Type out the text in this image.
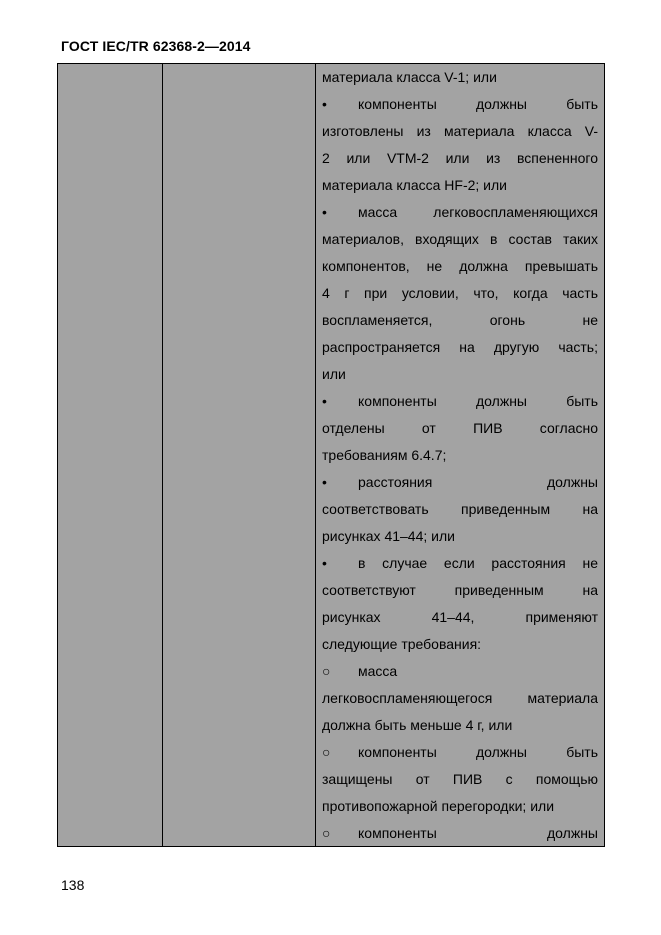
ГОСТ IEC/TR 62368-2—2014
материала класса V-1; или
• компоненты должны быть
изготовлены из материала класса V-
2 или VTM-2 или из вспененного
материала класса HF-2; или
• масса легковоспламеняющихся
материалов, входящих в состав таких
компонентов, не должна превышать
4 г при условии, что, когда часть
воспламеняется, огонь не
распространяется на другую часть;
или
• компоненты должны быть
отделены от ПИВ согласно
требованиям 6.4.7;
• расстояния должны
соответствовать приведенным на
рисунках 41–44; или
• в случае если расстояния не
соответствуют приведенным на
рисунках 41–44, применяют
следующие требования:
○ масса
легковоспламеняющегося материала
должна быть меньше 4 г, или
○ компоненты должны быть
защищены от ПИВ с помощью
противопожарной перегородки; или
○ компоненты должны
138
